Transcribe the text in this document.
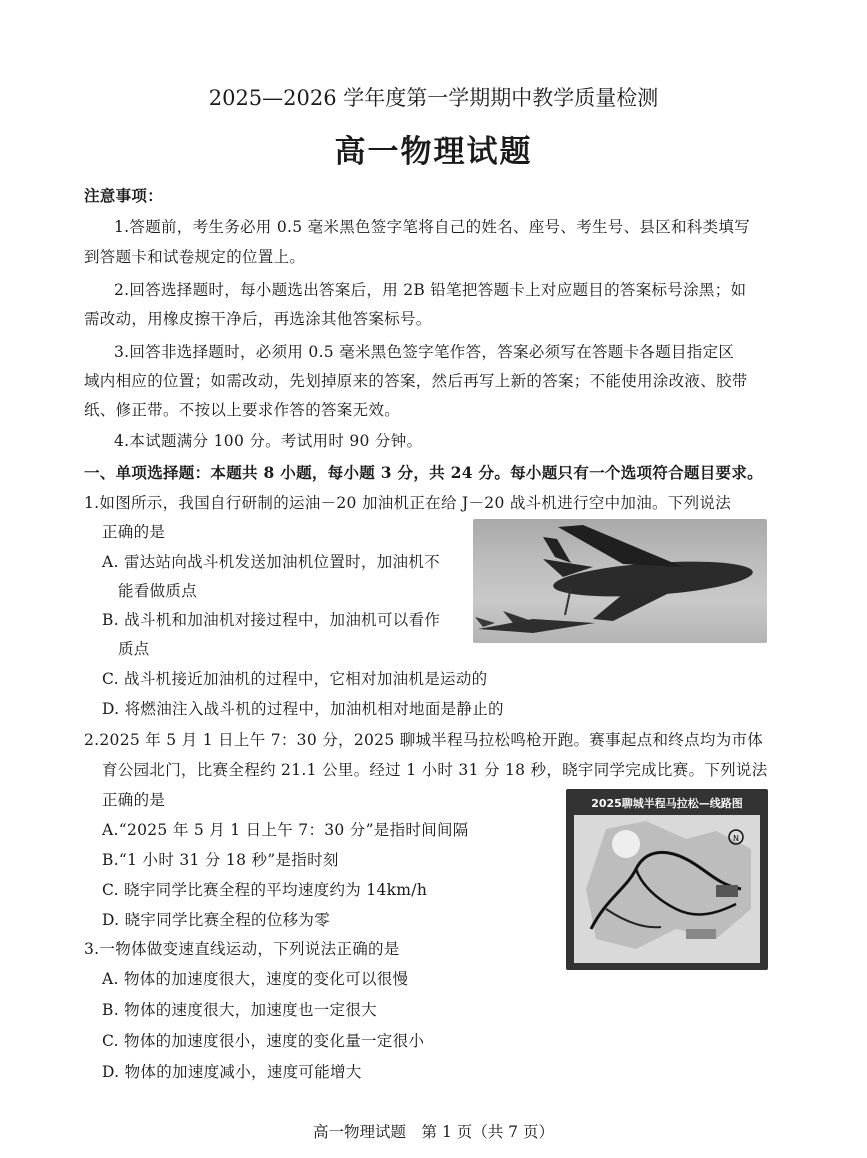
2025—2026 学年度第一学期期中教学质量检测
高一物理试题
注意事项：
1.答题前，考生务必用 0.5 毫米黑色签字笔将自己的姓名、座号、考生号、县区和科类填写
到答题卡和试卷规定的位置上。
2.回答选择题时，每小题选出答案后，用 2B 铅笔把答题卡上对应题目的答案标号涂黑；如
需改动，用橡皮擦干净后，再选涂其他答案标号。
3.回答非选择题时，必须用 0.5 毫米黑色签字笔作答，答案必须写在答题卡各题目指定区
域内相应的位置；如需改动，先划掉原来的答案，然后再写上新的答案；不能使用涂改液、胶带
纸、修正带。不按以上要求作答的答案无效。
4.本试题满分 100 分。考试用时 90 分钟。
一、单项选择题：本题共 8 小题，每小题 3 分，共 24 分。每小题只有一个选项符合题目要求。
1.如图所示，我国自行研制的运油－20 加油机正在给 J－20 战斗机进行空中加油。下列说法
正确的是
A. 雷达站向战斗机发送加油机位置时，加油机不
能看做质点
B. 战斗机和加油机对接过程中，加油机可以看作
质点
C. 战斗机接近加油机的过程中，它相对加油机是运动的
D. 将燃油注入战斗机的过程中，加油机相对地面是静止的
2.2025 年 5 月 1 日上午 7：30 分，2025 聊城半程马拉松鸣枪开跑。赛事起点和终点均为市体
育公园北门，比赛全程约 21.1 公里。经过 1 小时 31 分 18 秒，晓宇同学完成比赛。下列说法
正确的是
A.“2025 年 5 月 1 日上午 7：30 分”是指时间间隔
B.“1 小时 31 分 18 秒”是指时刻
C. 晓宇同学比赛全程的平均速度约为 14km/h
D. 晓宇同学比赛全程的位移为零
2025聊城半程马拉松—线路图
N
3.一物体做变速直线运动，下列说法正确的是
A. 物体的加速度很大，速度的变化可以很慢
B. 物体的速度很大，加速度也一定很大
C. 物体的加速度很小，速度的变化量一定很小
D. 物体的加速度减小，速度可能增大
高一物理试题　第 1 页（共 7 页）
